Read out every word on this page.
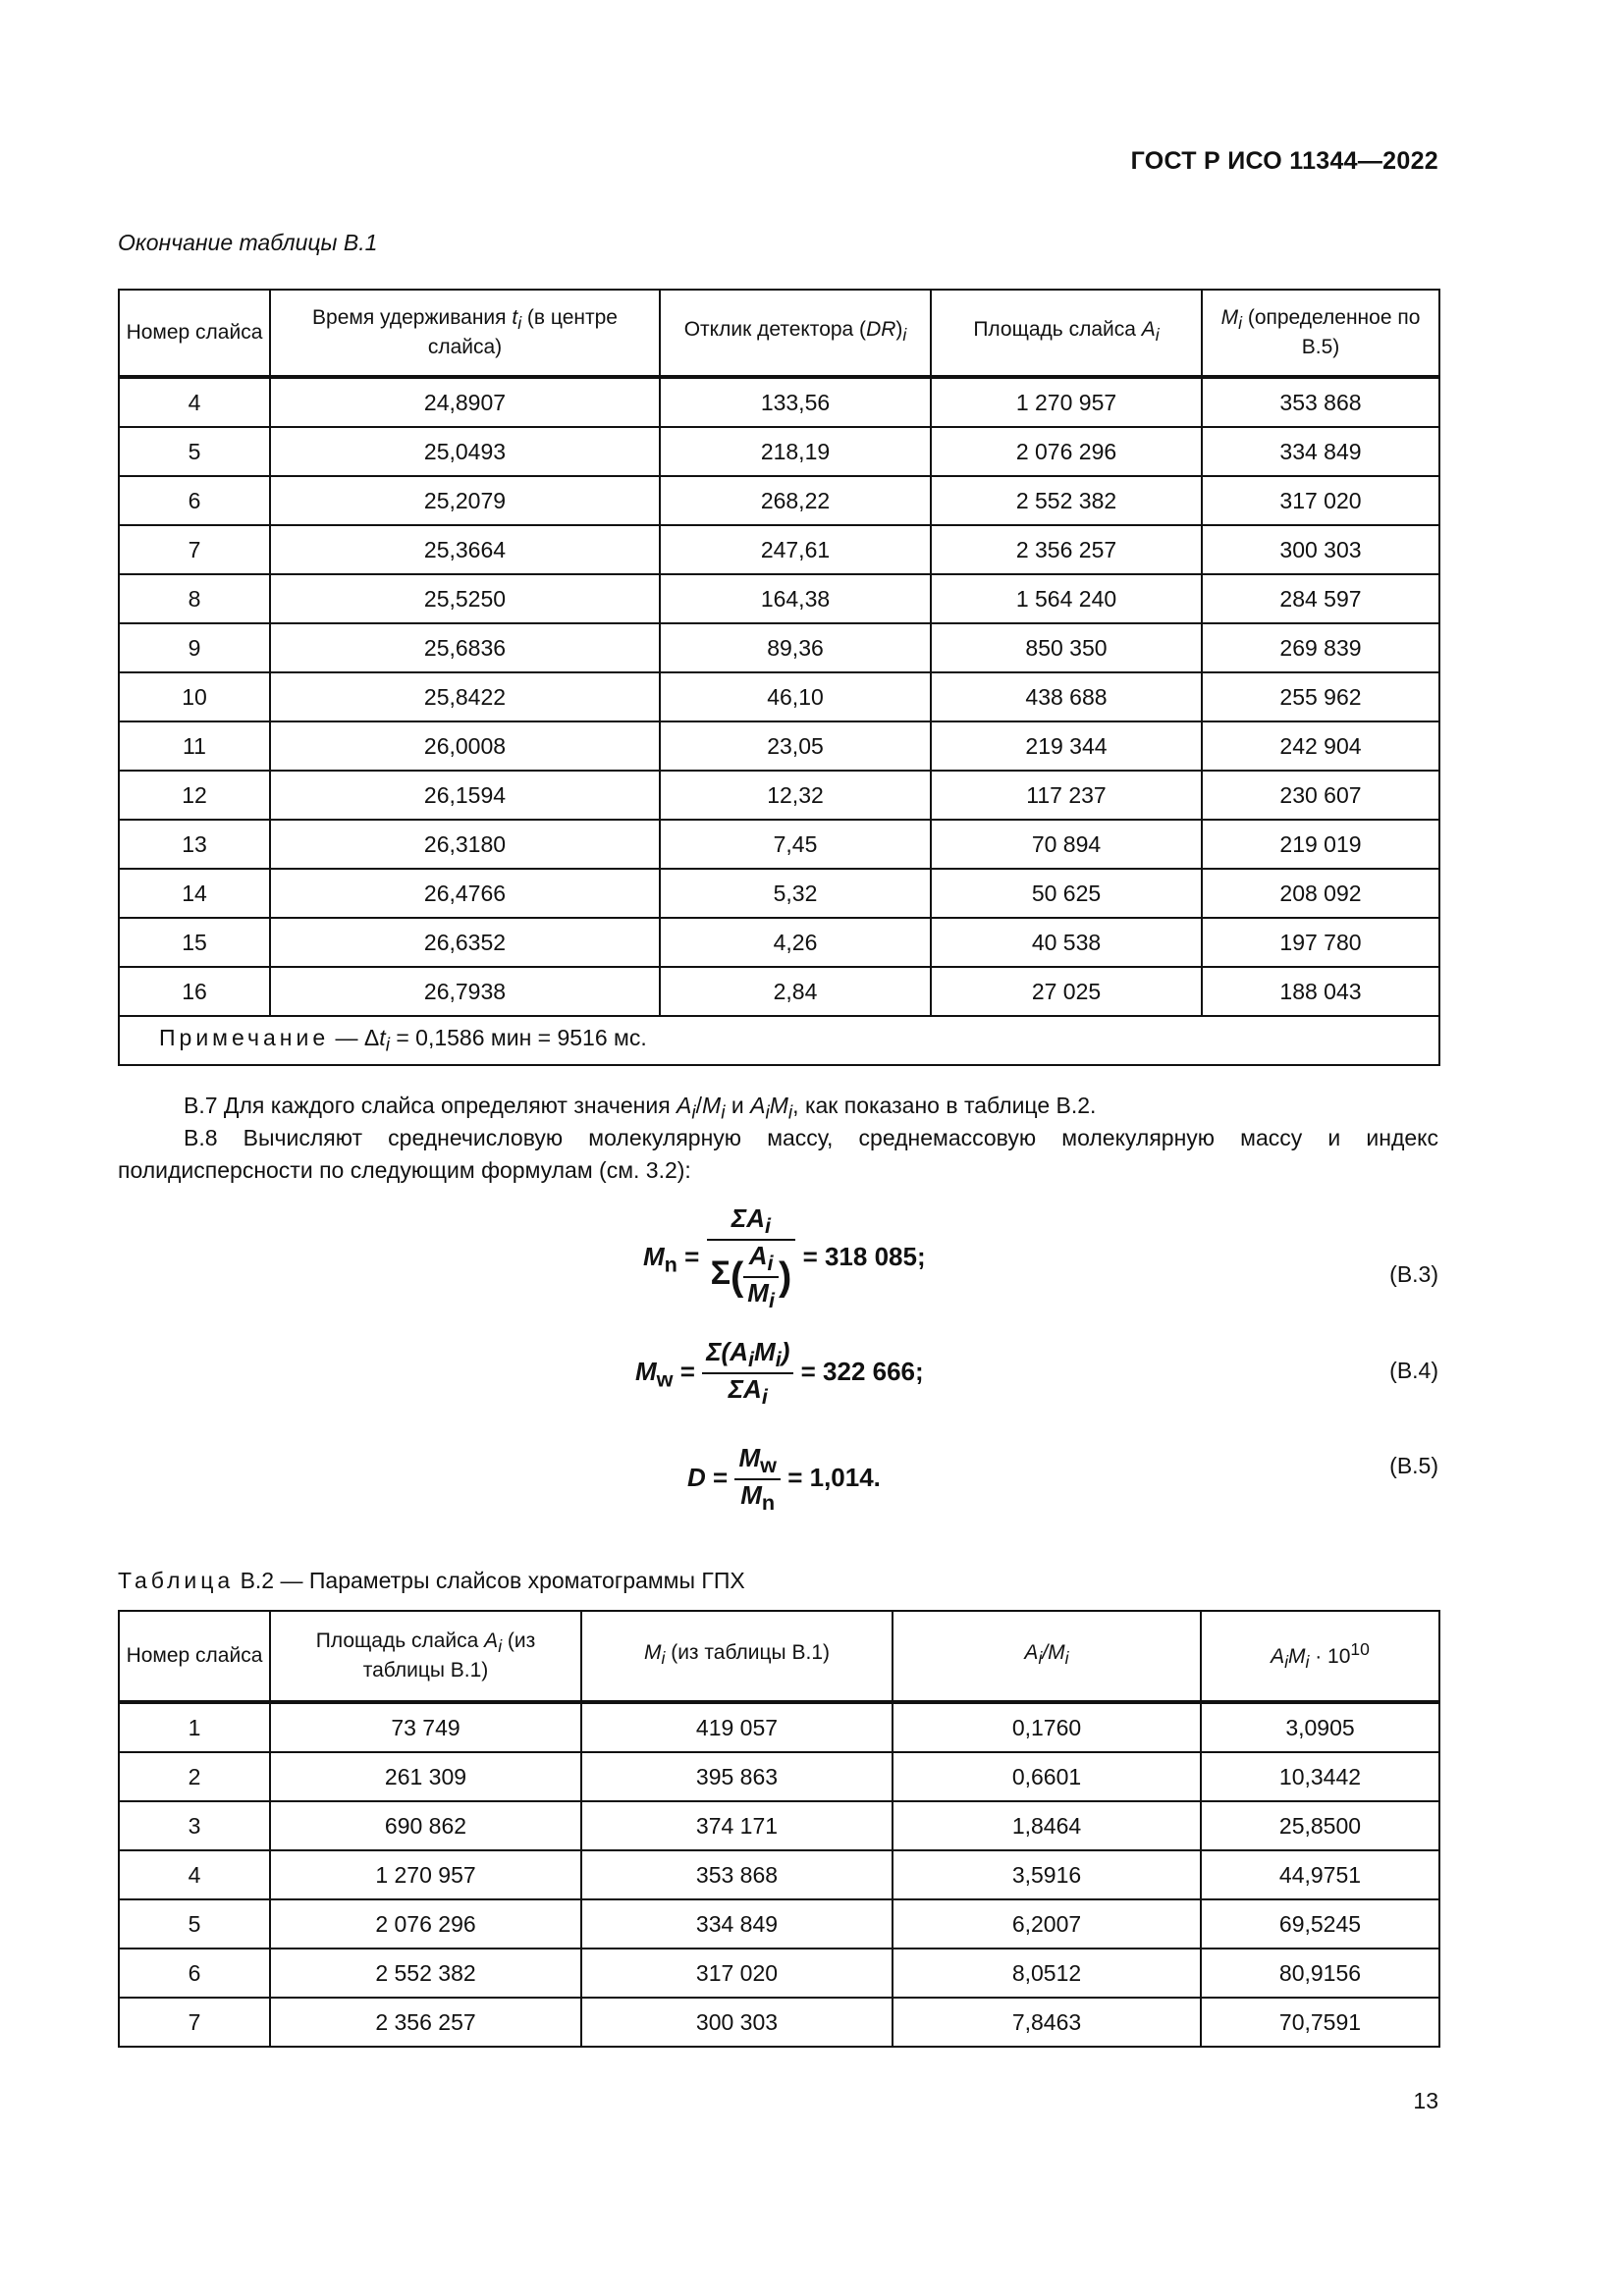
ГОСТ Р ИСО 11344—2022
Окончание таблицы В.1
Номер слайса	Время удерживания $t_i$ (в центре слайса)	Отклик детектора $(DR)_i$	Площадь слайса $A_i$	$M_i$ (определенное по В.5)
4	24,8907	133,56	1 270 957	353 868
5	25,0493	218,19	2 076 296	334 849
6	25,2079	268,22	2 552 382	317 020
7	25,3664	247,61	2 356 257	300 303
8	25,5250	164,38	1 564 240	284 597
9	25,6836	89,36	850 350	269 839
10	25,8422	46,10	438 688	255 962
11	26,0008	23,05	219 344	242 904
12	26,1594	12,32	117 237	230 607
13	26,3180	7,45	70 894	219 019
14	26,4766	5,32	50 625	208 092
15	26,6352	4,26	40 538	197 780
16	26,7938	2,84	27 025	188 043
Примечание — $\Delta t_i = 0,1586$ мин = 9516 мс.				
В.7 Для каждого слайса определяют значения $A_i/M_i$ и $A_iM_i$, как показано в таблице В.2.
В.8 Вычисляют среднечисловую молекулярную массу, среднемассовую молекулярную массу и индекс полидисперсности по следующим формулам (см. 3.2):
$M_n = \frac{\Sigma A_i}{\Sigma( \frac{A_i}{M_i} )} = 318$ 085;
(В.3)
$M_w = \frac{\Sigma(A_iM_i)}{\Sigma A_i} = 322$ 666;	(В.4)
$D = \frac{M_w}{M_n} = 1,014$.	(В.5)
Таблица В.2 — Параметры слайсов хроматограммы ГПХ
Номер слайса	Площадь слайса $A_i$ (из таблицы В.1)	$M_i$ (из таблицы В.1)	$A_i/M_i$	$A_iM_i \cdot 10^{10}$
1	73 749	419 057	0,1760	3,0905
2	261 309	395 863	0,6601	10,3442
3	690 862	374 171	1,8464	25,8500
4	1 270 957	353 868	3,5916	44,9751
5	2 076 296	334 849	6,2007	69,5245
6	2 552 382	317 020	8,0512	80,9156
7	2 356 257	300 303	7,8463	70,7591
13
